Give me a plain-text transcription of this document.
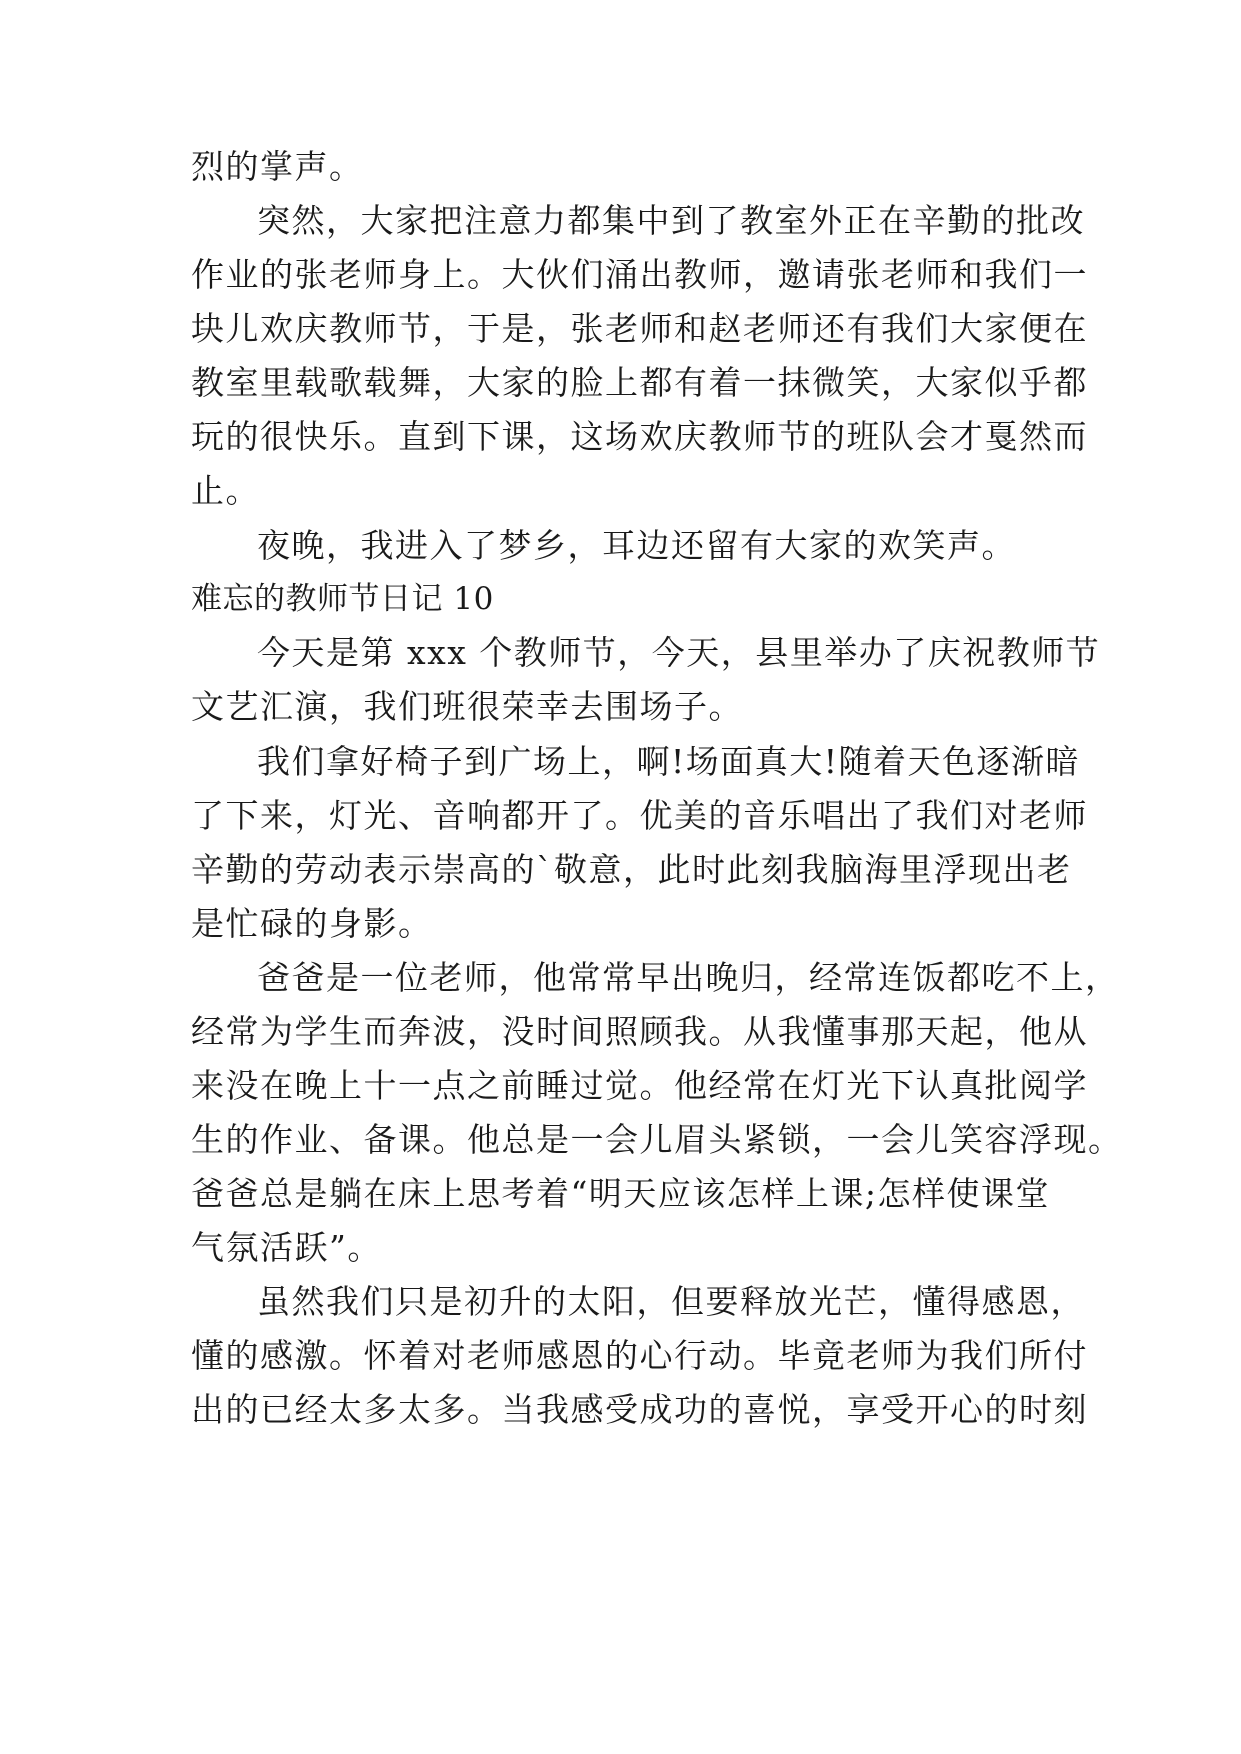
烈的掌声。
突然，大家把注意力都集中到了教室外正在辛勤的批改
作业的张老师身上。大伙们涌出教师，邀请张老师和我们一
块儿欢庆教师节，于是，张老师和赵老师还有我们大家便在
教室里载歌载舞，大家的脸上都有着一抹微笑，大家似乎都
玩的很快乐。直到下课，这场欢庆教师节的班队会才戛然而
止。
夜晚，我进入了梦乡，耳边还留有大家的欢笑声。
难忘的教师节日记 10
今天是第 xxx 个教师节，今天，县里举办了庆祝教师节
文艺汇演，我们班很荣幸去围场子。
我们拿好椅子到广场上，啊!场面真大!随着天色逐渐暗
了下来，灯光、音响都开了。优美的音乐唱出了我们对老师
辛勤的劳动表示崇高的`敬意，此时此刻我脑海里浮现出老
是忙碌的身影。
爸爸是一位老师，他常常早出晚归，经常连饭都吃不上，
经常为学生而奔波，没时间照顾我。从我懂事那天起，他从
来没在晚上十一点之前睡过觉。他经常在灯光下认真批阅学
生的作业、备课。他总是一会儿眉头紧锁，一会儿笑容浮现。
爸爸总是躺在床上思考着“明天应该怎样上课;怎样使课堂
气氛活跃”。
虽然我们只是初升的太阳，但要释放光芒，懂得感恩，
懂的感激。怀着对老师感恩的心行动。毕竟老师为我们所付
出的已经太多太多。当我感受成功的喜悦，享受开心的时刻
